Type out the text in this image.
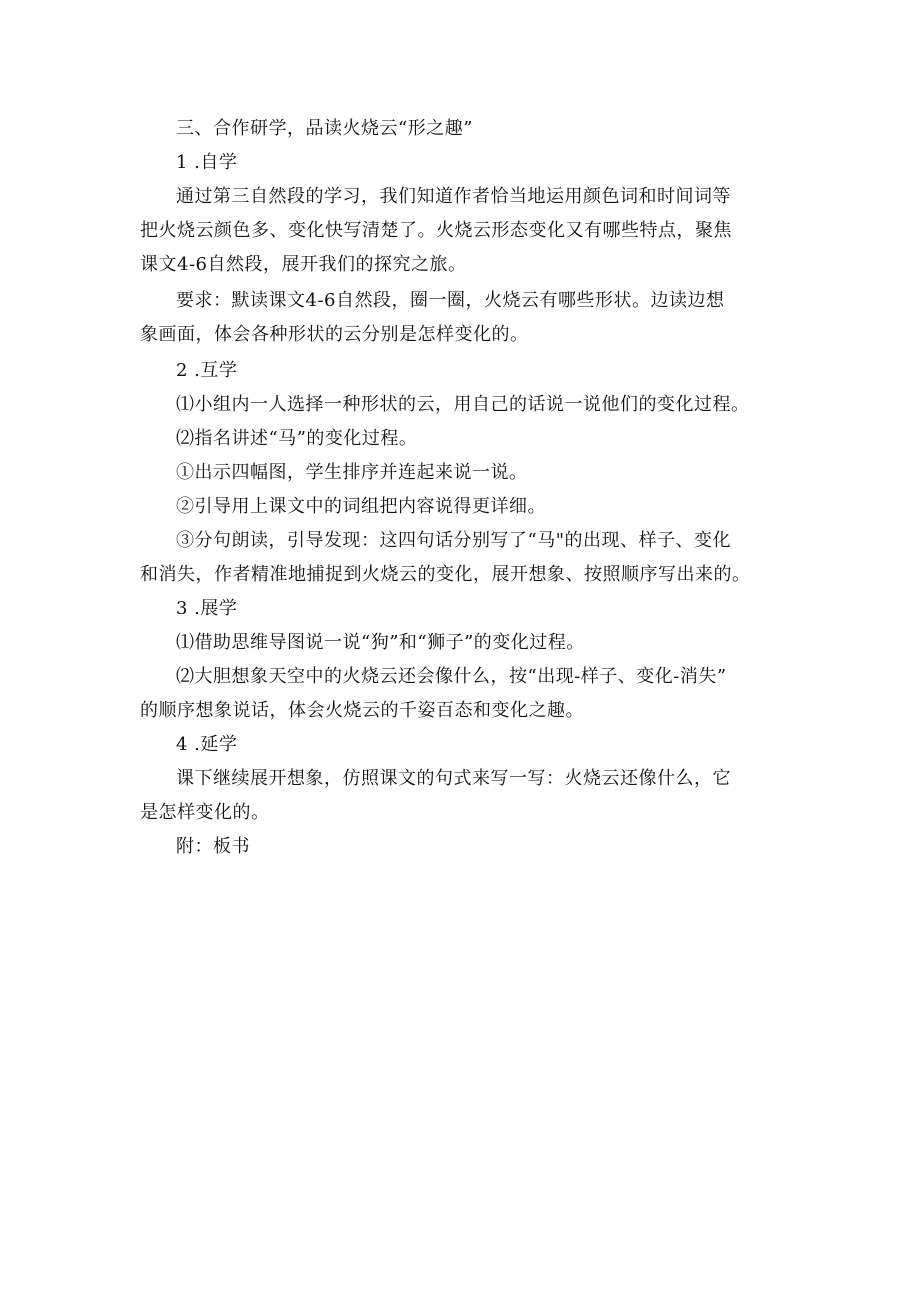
三、合作研学，品读火烧云“形之趣”
1 .自学
通过第三自然段的学习，我们知道作者恰当地运用颜色词和时间词等
把火烧云颜色多、变化快写清楚了。火烧云形态变化又有哪些特点，聚焦
课文4-6自然段，展开我们的探究之旅。
要求：默读课文4-6自然段，圈一圈，火烧云有哪些形状。边读边想
象画面，体会各种形状的云分别是怎样变化的。
2 .互学
⑴小组内一人选择一种形状的云，用自己的话说一说他们的变化过程。
⑵指名讲述“马”的变化过程。
①出示四幅图，学生排序并连起来说一说。
②引导用上课文中的词组把内容说得更详细。
③分句朗读，引导发现：这四句话分别写了“马"的出现、样子、变化
和消失，作者精准地捕捉到火烧云的变化，展开想象、按照顺序写出来的。
3 .展学
⑴借助思维导图说一说“狗”和“狮子”的变化过程。
⑵大胆想象天空中的火烧云还会像什么，按“出现-样子、变化-消失”
的顺序想象说话，体会火烧云的千姿百态和变化之趣。
4 .延学
课下继续展开想象，仿照课文的句式来写一写：火烧云还像什么，它
是怎样变化的。
附：板书
